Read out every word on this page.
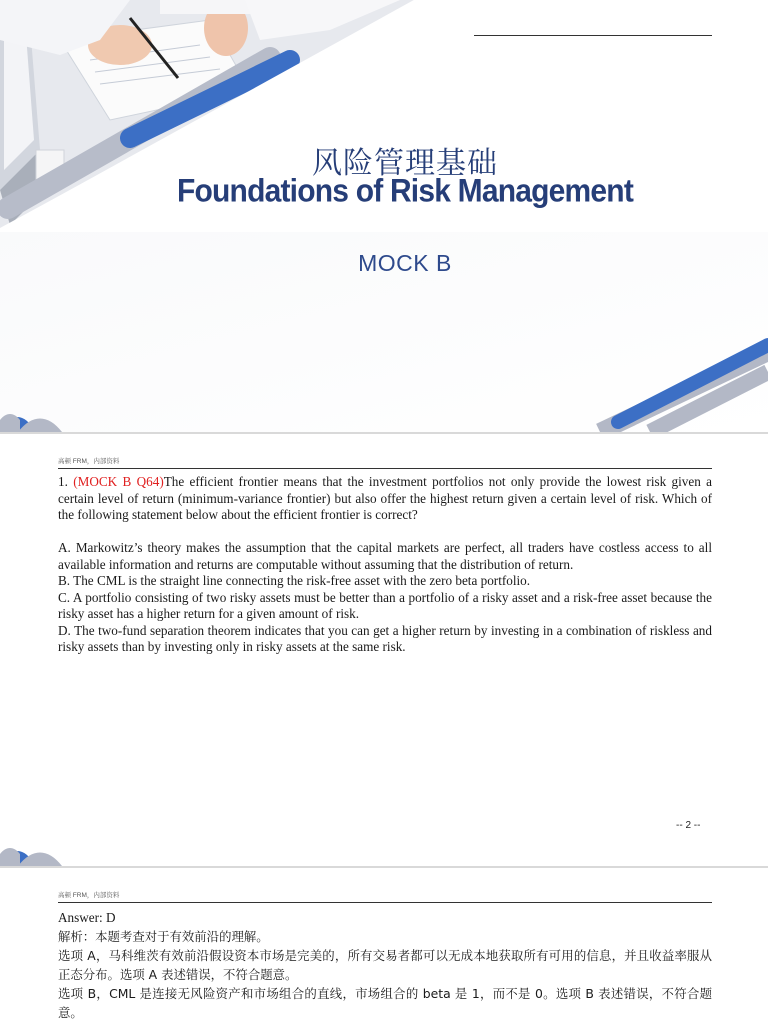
风险管理基础
Foundations of Risk Management
MOCK B
高顿 FRM，内部资料

1. (MOCK B Q64)The efficient frontier means that the investment portfolios not only provide the lowest risk given a certain level of return (minimum-variance frontier) but also offer the highest return given a certain level of risk. Which of the following statement below about the efficient frontier is correct?

A. Markowitz’s theory makes the assumption that the capital markets are perfect, all traders have costless access to all available information and returns are computable without assuming that the distribution of return.

B. The CML is the straight line connecting the risk-free asset with the zero beta portfolio.

C. A portfolio consisting of two risky assets must be better than a portfolio of a risky asset and a risk-free asset because the risky asset has a higher return for a given amount of risk.

D. The two-fund separation theorem indicates that you can get a higher return by investing in a combination of riskless and risky assets than by investing only in risky assets at the same risk.

-- 2 --
高顿 FRM，内部资料

Answer: D

解析：本题考查对于有效前沿的理解。

选项 A，马科维茨有效前沿假设资本市场是完美的，所有交易者都可以无成本地获取所有可用的信息，并且收益率服从正态分布。选项 A 表述错误，不符合题意。

选项 B，CML 是连接无风险资产和市场组合的直线，市场组合的 beta 是 1，而不是 0。选项 B 表述错误，不符合题意。
